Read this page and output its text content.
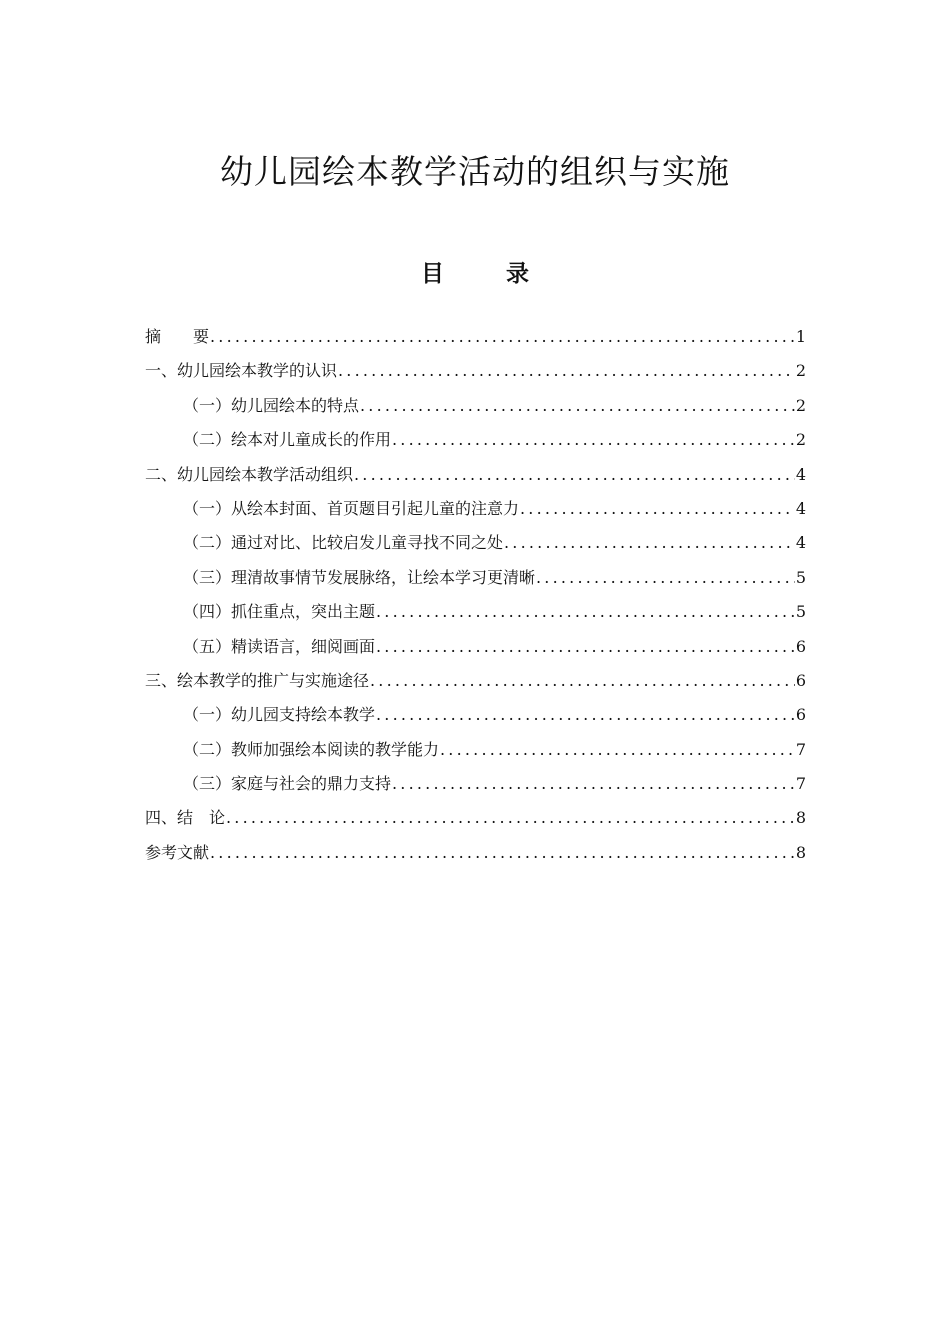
幼儿园绘本教学活动的组织与实施
目	录
摘　　要 .....	1
一、幼儿园绘本教学的认识 .....	2
（一）幼儿园绘本的特点 .....	2
（二）绘本对儿童成长的作用 .....	2
二、幼儿园绘本教学活动组织 .....	4
（一）从绘本封面、首页题目引起儿童的注意力 .....	4
（二）通过对比、比较启发儿童寻找不同之处 .....	4
（三）理清故事情节发展脉络，让绘本学习更清晰 .....	5
（四）抓住重点，突出主题 .....	5
（五）精读语言，细阅画面 .....	6
三、绘本教学的推广与实施途径 .....	6
（一）幼儿园支持绘本教学 .....	6
（二）教师加强绘本阅读的教学能力 .....	7
（三）家庭与社会的鼎力支持 .....	7
四、结　论 .....	8
参考文献 .....	8
